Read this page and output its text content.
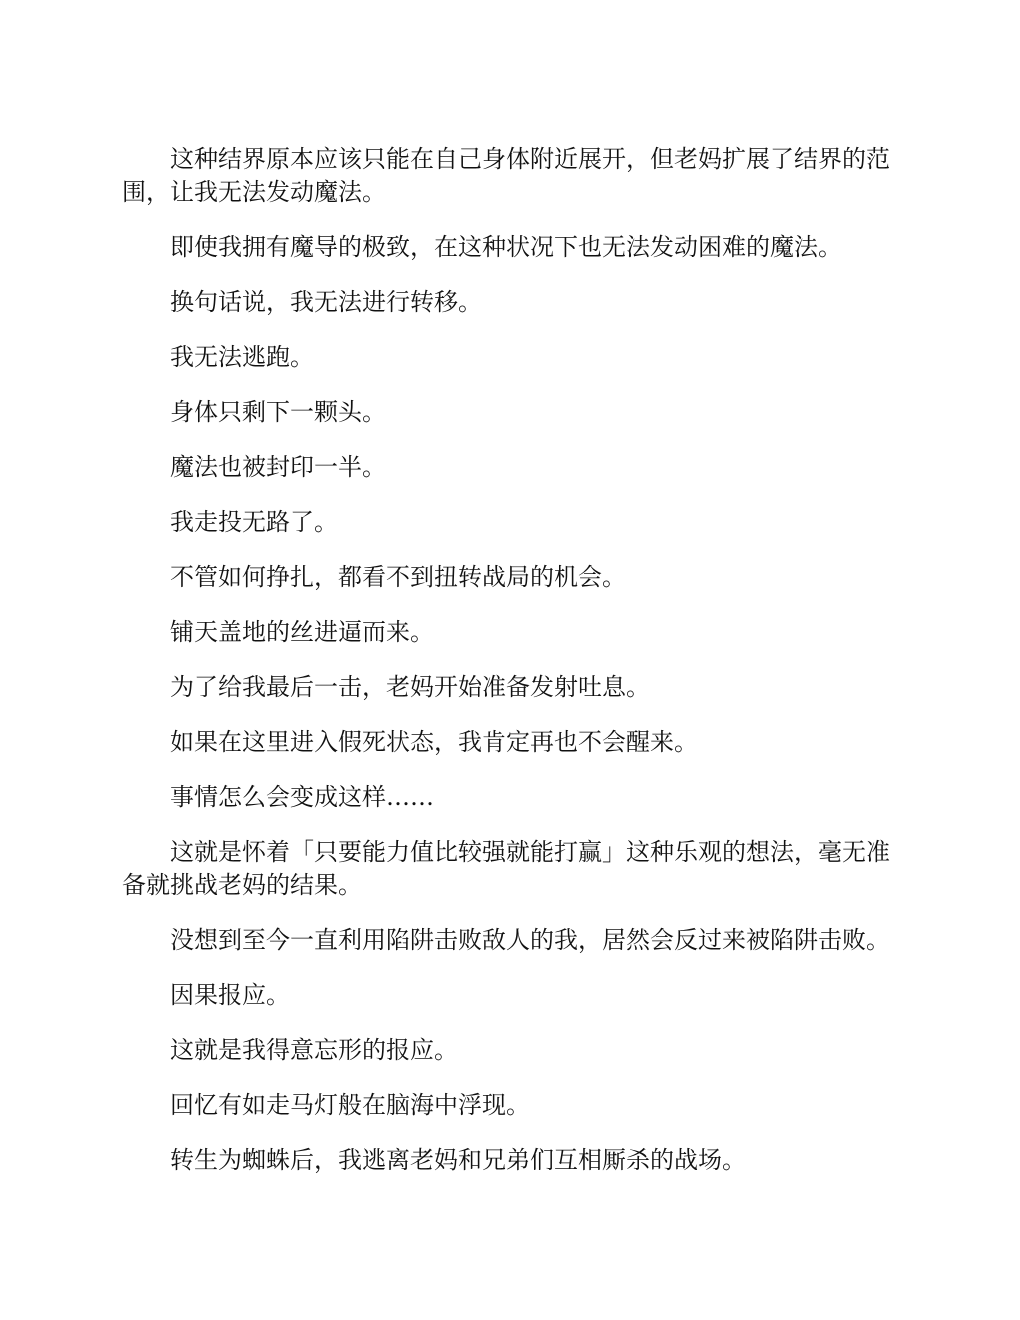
这种结界原本应该只能在自己身体附近展开，但老妈扩展了结界的范围，让我无法发动魔法。

即使我拥有魔导的极致，在这种状况下也无法发动困难的魔法。

换句话说，我无法进行转移。

我无法逃跑。

身体只剩下一颗头。

魔法也被封印一半。

我走投无路了。

不管如何挣扎，都看不到扭转战局的机会。

铺天盖地的丝进逼而来。

为了给我最后一击，老妈开始准备发射吐息。

如果在这里进入假死状态，我肯定再也不会醒来。

事情怎么会变成这样……

这就是怀着「只要能力值比较强就能打赢」这种乐观的想法，毫无准备就挑战老妈的结果。

没想到至今一直利用陷阱击败敌人的我，居然会反过来被陷阱击败。

因果报应。

这就是我得意忘形的报应。

回忆有如走马灯般在脑海中浮现。

转生为蜘蛛后，我逃离老妈和兄弟们互相厮杀的战场。
